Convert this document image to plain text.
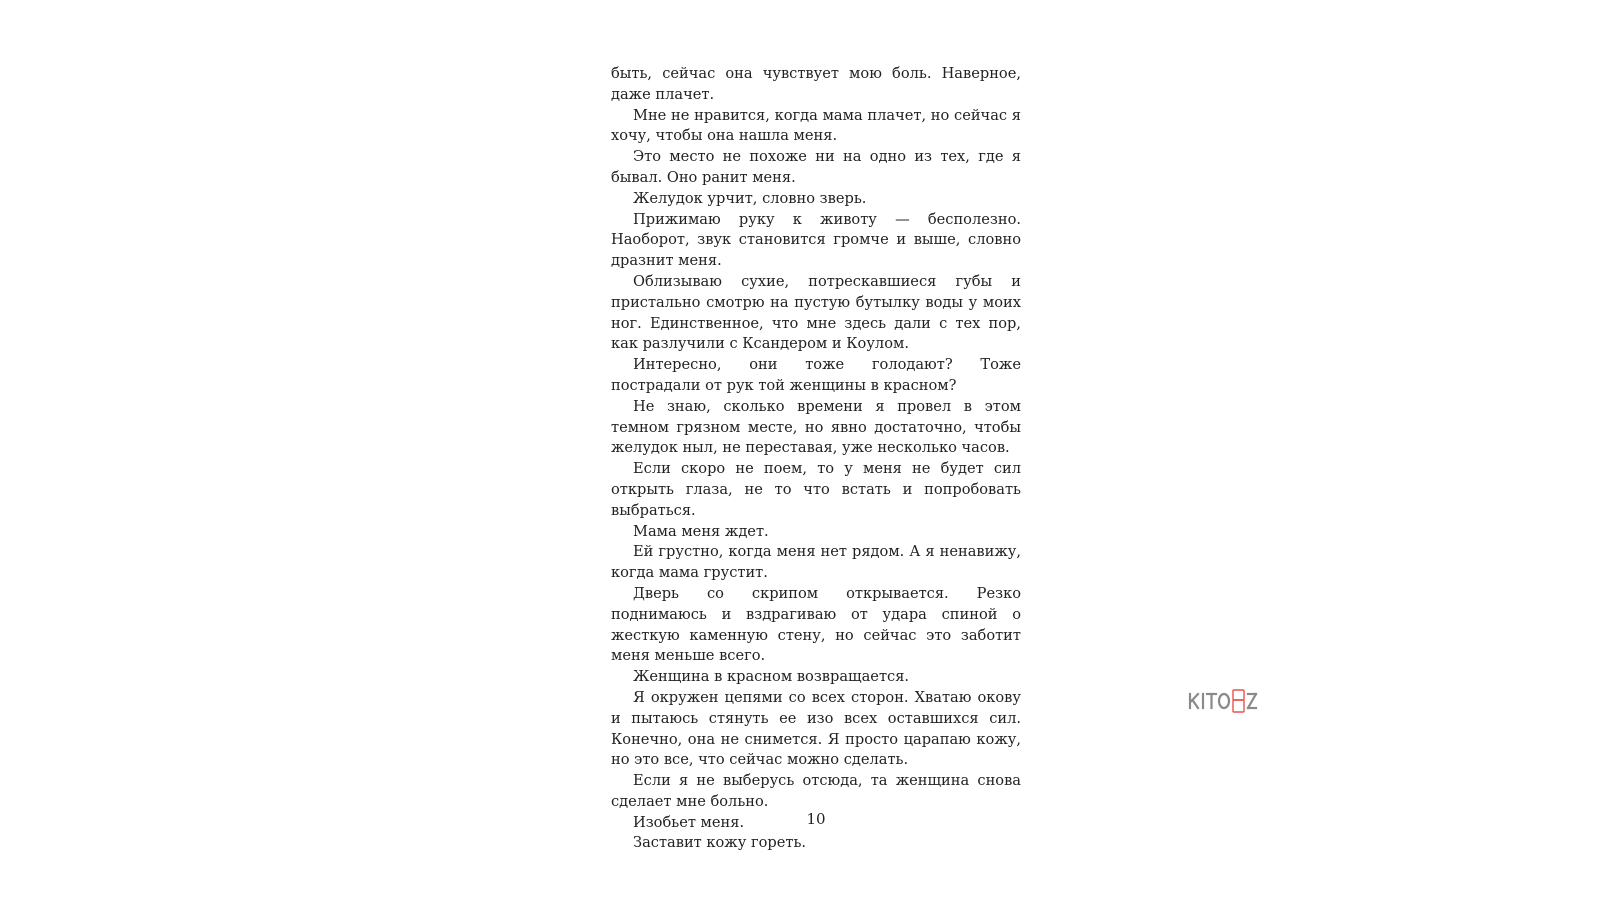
быть, сейчас она чувствует мою боль. Наверное, даже плачет.

Мне не нравится, когда мама плачет, но сейчас я хочу, чтобы она нашла меня.

Это место не похоже ни на одно из тех, где я бывал. Оно ранит меня.

Желудок урчит, словно зверь.

Прижимаю руку к животу — бесполезно. Наоборот, звук становится громче и выше, словно дразнит меня.

Облизываю сухие, потрескавшиеся губы и пристально смотрю на пустую бутылку воды у моих ног. Единственное, что мне здесь дали с тех пор, как разлучили с Ксандером и Коулом.

Интересно, они тоже голодают? Тоже пострадали от рук той женщины в красном?

Не знаю, сколько времени я провел в этом темном грязном месте, но явно достаточно, чтобы желудок ныл, не переставая, уже несколько часов.

Если скоро не поем, то у меня не будет сил открыть глаза, не то что встать и попробовать выбраться.

Мама меня ждет.

Ей грустно, когда меня нет рядом. А я ненавижу, когда мама грустит.

Дверь со скрипом открывается. Резко поднимаюсь и вздрагиваю от удара спиной о жесткую каменную стену, но сейчас это заботит меня меньше всего.

Женщина в красном возвращается.

Я окружен цепями со всех сторон. Хватаю окову и пытаюсь стянуть ее изо всех оставшихся сил. Конечно, она не снимется. Я просто царапаю кожу, но это все, что сейчас можно сделать.

Если я не выберусь отсюда, та женщина снова сделает мне больно.

Изобьет меня.

Заставит кожу гореть.

10
